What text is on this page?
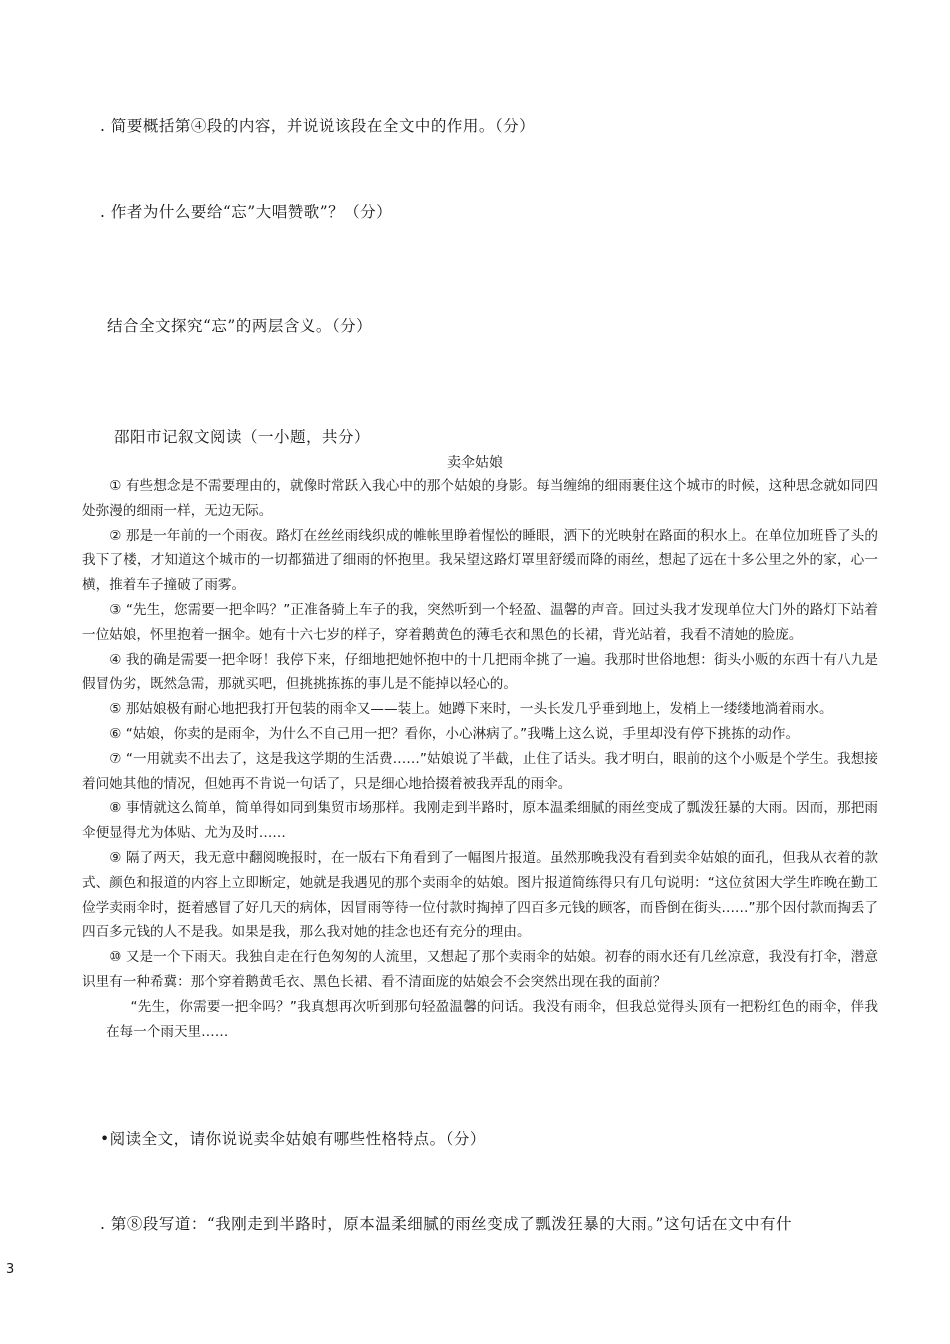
. 简要概括第④段的内容，并说说该段在全文中的作用。（分）
. 作者为什么要给“忘”大唱赞歌”？（分）
结合全文探究“忘”的两层含义。（分）
邵阳市记叙文阅读（一小题，共分）
卖伞姑娘

① 有些想念是不需要理由的，就像时常跃入我心中的那个姑娘的身影。每当缠绵的细雨裹住这个城市的时候，这种思念就如同四处弥漫的细雨一样，无边无际。

② 那是一年前的一个雨夜。路灯在丝丝雨线织成的帷帐里睁着惺忪的睡眼，洒下的光映射在路面的积水上。在单位加班昏了头的我下了楼，才知道这个城市的一切都猫进了细雨的怀抱里。我呆望这路灯罩里舒缓而降的雨丝，想起了远在十多公里之外的家，心一横，推着车子撞破了雨雾。

③ “先生，您需要一把伞吗？”正准备骑上车子的我，突然听到一个轻盈、温馨的声音。回过头我才发现单位大门外的路灯下站着一位姑娘，怀里抱着一捆伞。她有十六七岁的样子，穿着鹅黄色的薄毛衣和黑色的长裙，背光站着，我看不清她的脸庞。

④ 我的确是需要一把伞呀！我停下来，仔细地把她怀抱中的十几把雨伞挑了一遍。我那时世俗地想：街头小贩的东西十有八九是假冒伪劣，既然急需，那就买吧，但挑挑拣拣的事儿是不能掉以轻心的。

⑤ 那姑娘极有耐心地把我打开包装的雨伞又——装上。她蹲下来时，一头长发几乎垂到地上，发梢上一缕缕地淌着雨水。

⑥ “姑娘，你卖的是雨伞，为什么不自己用一把？看你，小心淋病了。”我嘴上这么说，手里却没有停下挑拣的动作。

⑦ “一用就卖不出去了，这是我这学期的生活费……”姑娘说了半截，止住了话头。我才明白，眼前的这个小贩是个学生。我想接着问她其他的情况，但她再不肯说一句话了，只是细心地拾掇着被我弄乱的雨伞。

⑧ 事情就这么简单，简单得如同到集贸市场那样。我刚走到半路时，原本温柔细腻的雨丝变成了瓢泼狂暴的大雨。因而，那把雨伞便显得尤为体贴、尤为及时……

⑨ 隔了两天，我无意中翻阅晚报时，在一版右下角看到了一幅图片报道。虽然那晚我没有看到卖伞姑娘的面孔，但我从衣着的款式、颜色和报道的内容上立即断定，她就是我遇见的那个卖雨伞的姑娘。图片报道简练得只有几句说明：“这位贫困大学生昨晚在勤工俭学卖雨伞时，挺着感冒了好几天的病体，因冒雨等待一位付款时掏掉了四百多元钱的顾客，而昏倒在街头……”那个因付款而掏丢了四百多元钱的人不是我。如果是我，那么我对她的挂念也还有充分的理由。

⑩ 又是一个下雨天。我独自走在行色匆匆的人流里，又想起了那个卖雨伞的姑娘。初春的雨水还有几丝凉意，我没有打伞，潜意识里有一种希冀：那个穿着鹅黄毛衣、黑色长裙、看不清面庞的姑娘会不会突然出现在我的面前？

“先生，你需要一把伞吗？”我真想再次听到那句轻盈温馨的问话。我没有雨伞，但我总觉得头顶有一把粉红色的雨伞，伴我在每一个雨天里……

•阅读全文，请你说说卖伞姑娘有哪些性格特点。（分）
. 第⑧段写道：“我刚走到半路时，原本温柔细腻的雨丝变成了瓢泼狂暴的大雨。”这句话在文中有什
3
